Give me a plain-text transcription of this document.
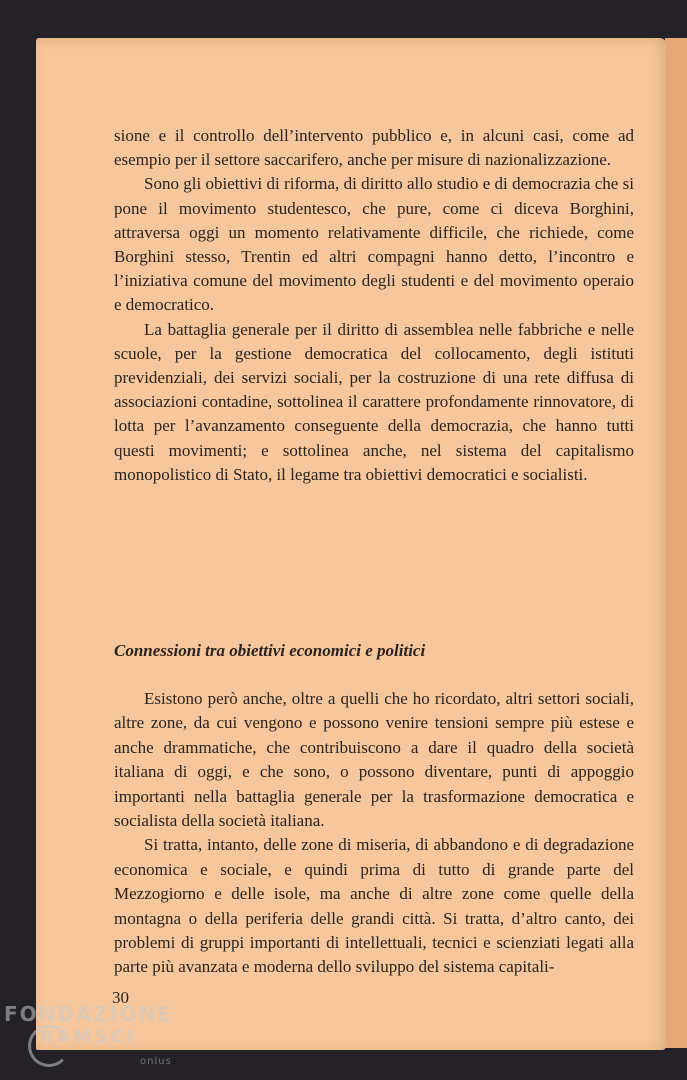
sione e il controllo dell’intervento pubblico e, in alcuni casi, come ad esempio per il settore saccarifero, anche per misure di nazionalizzazione.

Sono gli obiettivi di riforma, di diritto allo studio e di democrazia che si pone il movimento studentesco, che pure, come ci diceva Borghini, attraversa oggi un momento relativamente difficile, che richiede, come Borghini stesso, Trentin ed altri compagni hanno detto, l’incontro e l’iniziativa comune del movimento degli studenti e del movimento operaio e democratico.

La battaglia generale per il diritto di assemblea nelle fabbriche e nelle scuole, per la gestione democratica del collocamento, degli istituti previdenziali, dei servizi sociali, per la costruzione di una rete diffusa di associazioni contadine, sottolinea il carattere profondamente rinnovatore, di lotta per l’avanzamento conseguente della democrazia, che hanno tutti questi movimenti; e sottolinea anche, nel sistema del capitalismo monopolistico di Stato, il legame tra obiettivi democratici e socialisti.

Connessioni tra obiettivi economici e politici

Esistono però anche, oltre a quelli che ho ricordato, altri settori sociali, altre zone, da cui vengono e possono venire tensioni sempre più estese e anche drammatiche, che contribuiscono a dare il quadro della società italiana di oggi, e che sono, o possono diventare, punti di appoggio importanti nella battaglia generale per la trasformazione democratica e socialista della società italiana.

Si tratta, intanto, delle zone di miseria, di abbandono e di degradazione economica e sociale, e quindi prima di tutto di grande parte del Mezzogiorno e delle isole, ma anche di altre zone come quelle della montagna o della periferia delle grandi città. Si tratta, d’altro canto, dei problemi di gruppi importanti di intellettuali, tecnici e scienziati legati alla parte più avanzata e moderna dello sviluppo del sistema capitali-

30
FONDAZIONE
RAMSCI
onlus
